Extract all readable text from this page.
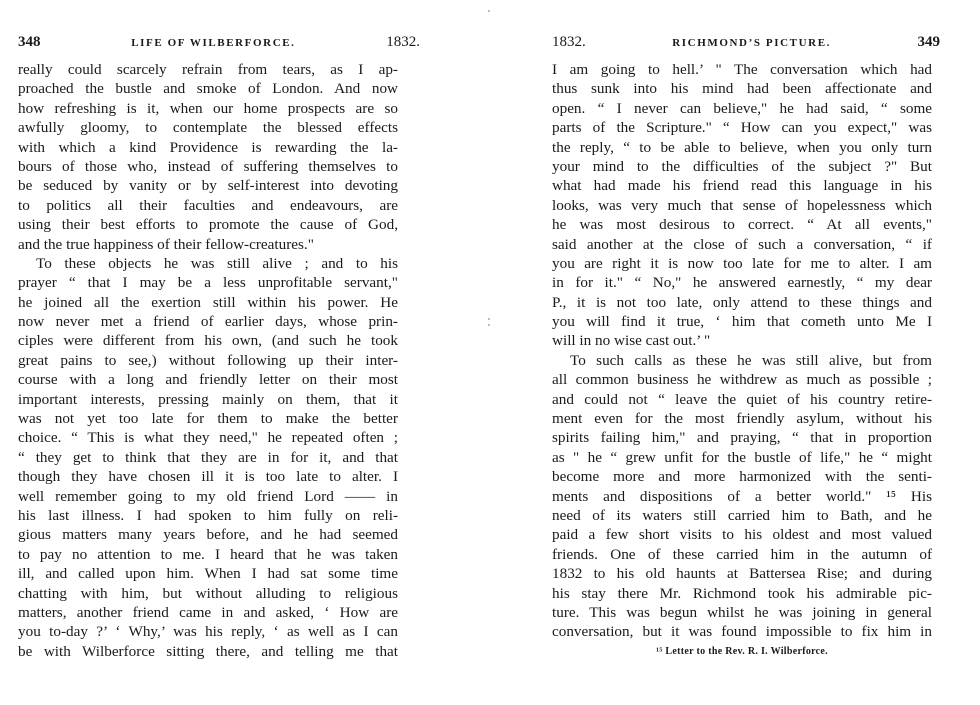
348	LIFE OF WILBERFORCE.	1832.	1832.	RICHMOND’S PICTURE.	349
really could scarcely refrain from tears, as I ap-
proached the bustle and smoke of London. And now
how refreshing is it, when our home prospects are so
awfully gloomy, to contemplate the blessed effects
with which a kind Providence is rewarding the la-
bours of those who, instead of suffering themselves to
be seduced by vanity or by self-interest into devoting
to politics all their faculties and endeavours, are
using their best efforts to promote the cause of God,
and the true happiness of their fellow-creatures."
To these objects he was still alive ; and to his
prayer “ that I may be a less unprofitable servant,"
he joined all the exertion still within his power. He
now never met a friend of earlier days, whose prin-
ciples were different from his own, (and such he took
great pains to see,) without following up their inter-
course with a long and friendly letter on their most
important interests, pressing mainly on them, that it
was not yet too late for them to make the better
choice. “ This is what they need," he repeated often ;
“ they get to think that they are in for it, and that
though they have chosen ill it is too late to alter. I
well remember going to my old friend Lord —— in
his last illness. I had spoken to him fully on reli-
gious matters many years before, and he had seemed
to pay no attention to me. I heard that he was taken
ill, and called upon him. When I had sat some time
chatting with him, but without alluding to religious
matters, another friend came in and asked, ‘ How are
you to-day ?’ ‘ Why,’ was his reply, ‘ as well as I can
be with Wilberforce sitting there, and telling me that
I am going to hell.’ " The conversation which had
thus sunk into his mind had been affectionate and
open. “ I never can believe," he had said, “ some
parts of the Scripture." “ How can you expect," was
the reply, “ to be able to believe, when you only turn
your mind to the difficulties of the subject ?" But
what had made his friend read this language in his
looks, was very much that sense of hopelessness which
he was most desirous to correct. “ At all events,"
said another at the close of such a conversation, “ if
you are right it is now too late for me to alter. I am
in for it." “ No," he answered earnestly, “ my dear
P., it is not too late, only attend to these things and
you will find it true, ‘ him that cometh unto Me I
will in no wise cast out.’ "
To such calls as these he was still alive, but from
all common business he withdrew as much as possible ;
and could not “ leave the quiet of his country retire-
ment even for the most friendly asylum, without his
spirits failing him," and praying, “ that in proportion
as " he “ grew unfit for the bustle of life," he “ might
become more and more harmonized with the senti-
ments and dispositions of a better world." ¹⁵ His
need of its waters still carried him to Bath, and he
paid a few short visits to his oldest and most valued
friends. One of these carried him in the autumn of
1832 to his old haunts at Battersea Rise; and during
his stay there Mr. Richmond took his admirable pic-
ture. This was begun whilst he was joining in general
conversation, but it was found impossible to fix him in
¹⁵ Letter to the Rev. R. I. Wilberforce.
